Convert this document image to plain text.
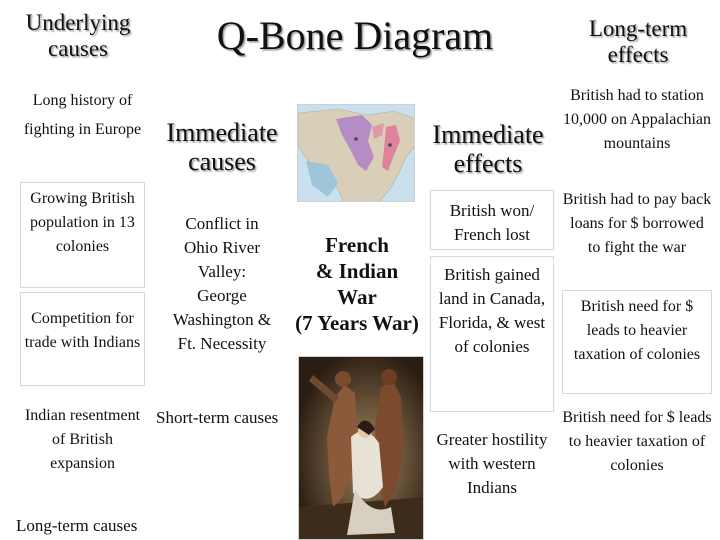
Underlying causes	Q-Bone Diagram	Long-term effects
Long history of fighting in Europe
Growing British population in 13 colonies
Competition for trade with Indians
Indian resentment of British expansion
Long-term causes
Immediate causes
Immediate effects
Conflict in
Ohio River
Valley:
George
Washington &
Ft. Necessity
French
& Indian
War
(7 Years War)
Short-term causes
British won/ French lost
British gained land in Canada, Florida, & west of colonies
Greater hostility with western Indians
British had to station 10,000 on Appalachian mountains
British had to pay back loans for $ borrowed to fight the war
British need for $ leads to heavier taxation of colonies
British need for $ leads to heavier taxation of colonies
